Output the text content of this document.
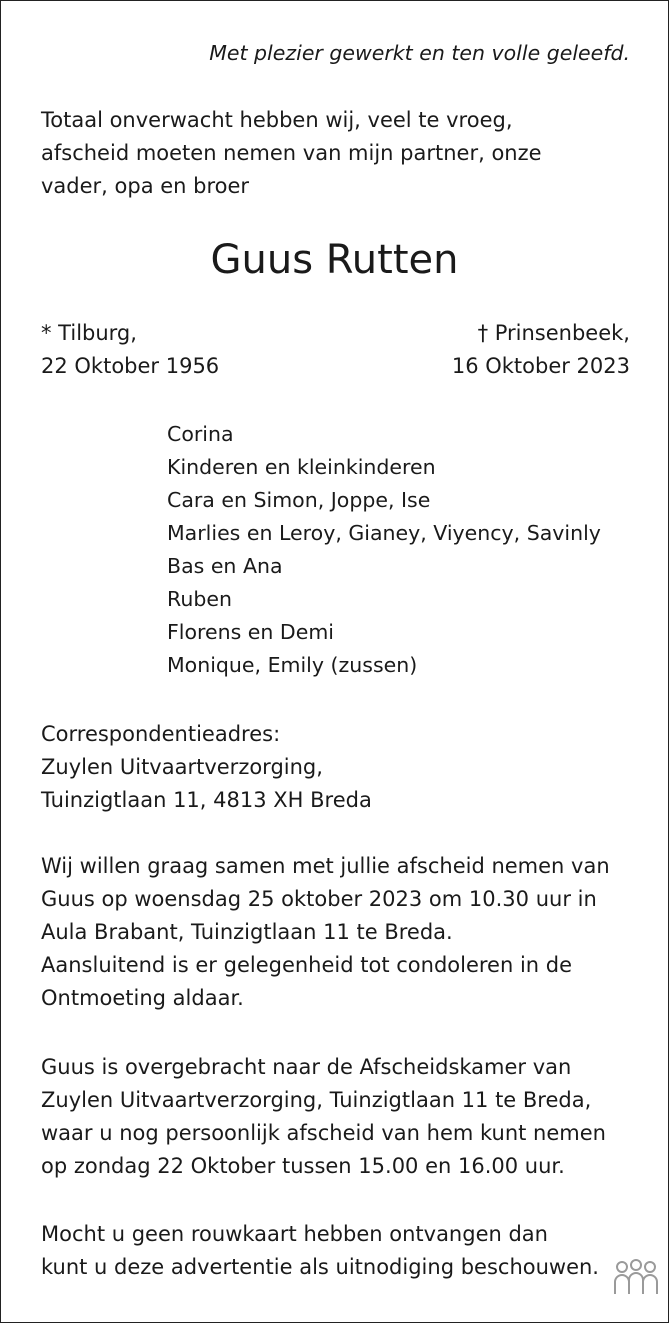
Met plezier gewerkt en ten volle geleefd.
Totaal onverwacht hebben wij, veel te vroeg,
afscheid moeten nemen van mijn partner, onze
vader, opa en broer
Guus Rutten
* Tilburg,
22 Oktober 1956
† Prinsenbeek,
16 Oktober 2023
Corina
Kinderen en kleinkinderen
Cara en Simon, Joppe, Ise
Marlies en Leroy, Gianey, Viyency, Savinly
Bas en Ana
Ruben
Florens en Demi
Monique, Emily (zussen)
Correspondentieadres:
Zuylen Uitvaartverzorging,
Tuinzigtlaan 11, 4813 XH Breda
Wij willen graag samen met jullie afscheid nemen van
Guus op woensdag 25 oktober 2023 om 10.30 uur in
Aula Brabant, Tuinzigtlaan 11 te Breda.
Aansluitend is er gelegenheid tot condoleren in de
Ontmoeting aldaar.
Guus is overgebracht naar de Afscheidskamer van
Zuylen Uitvaartverzorging, Tuinzigtlaan 11 te Breda,
waar u nog persoonlijk afscheid van hem kunt nemen
op zondag 22 Oktober tussen 15.00 en 16.00 uur.
Mocht u geen rouwkaart hebben ontvangen dan
kunt u deze advertentie als uitnodiging beschouwen.
